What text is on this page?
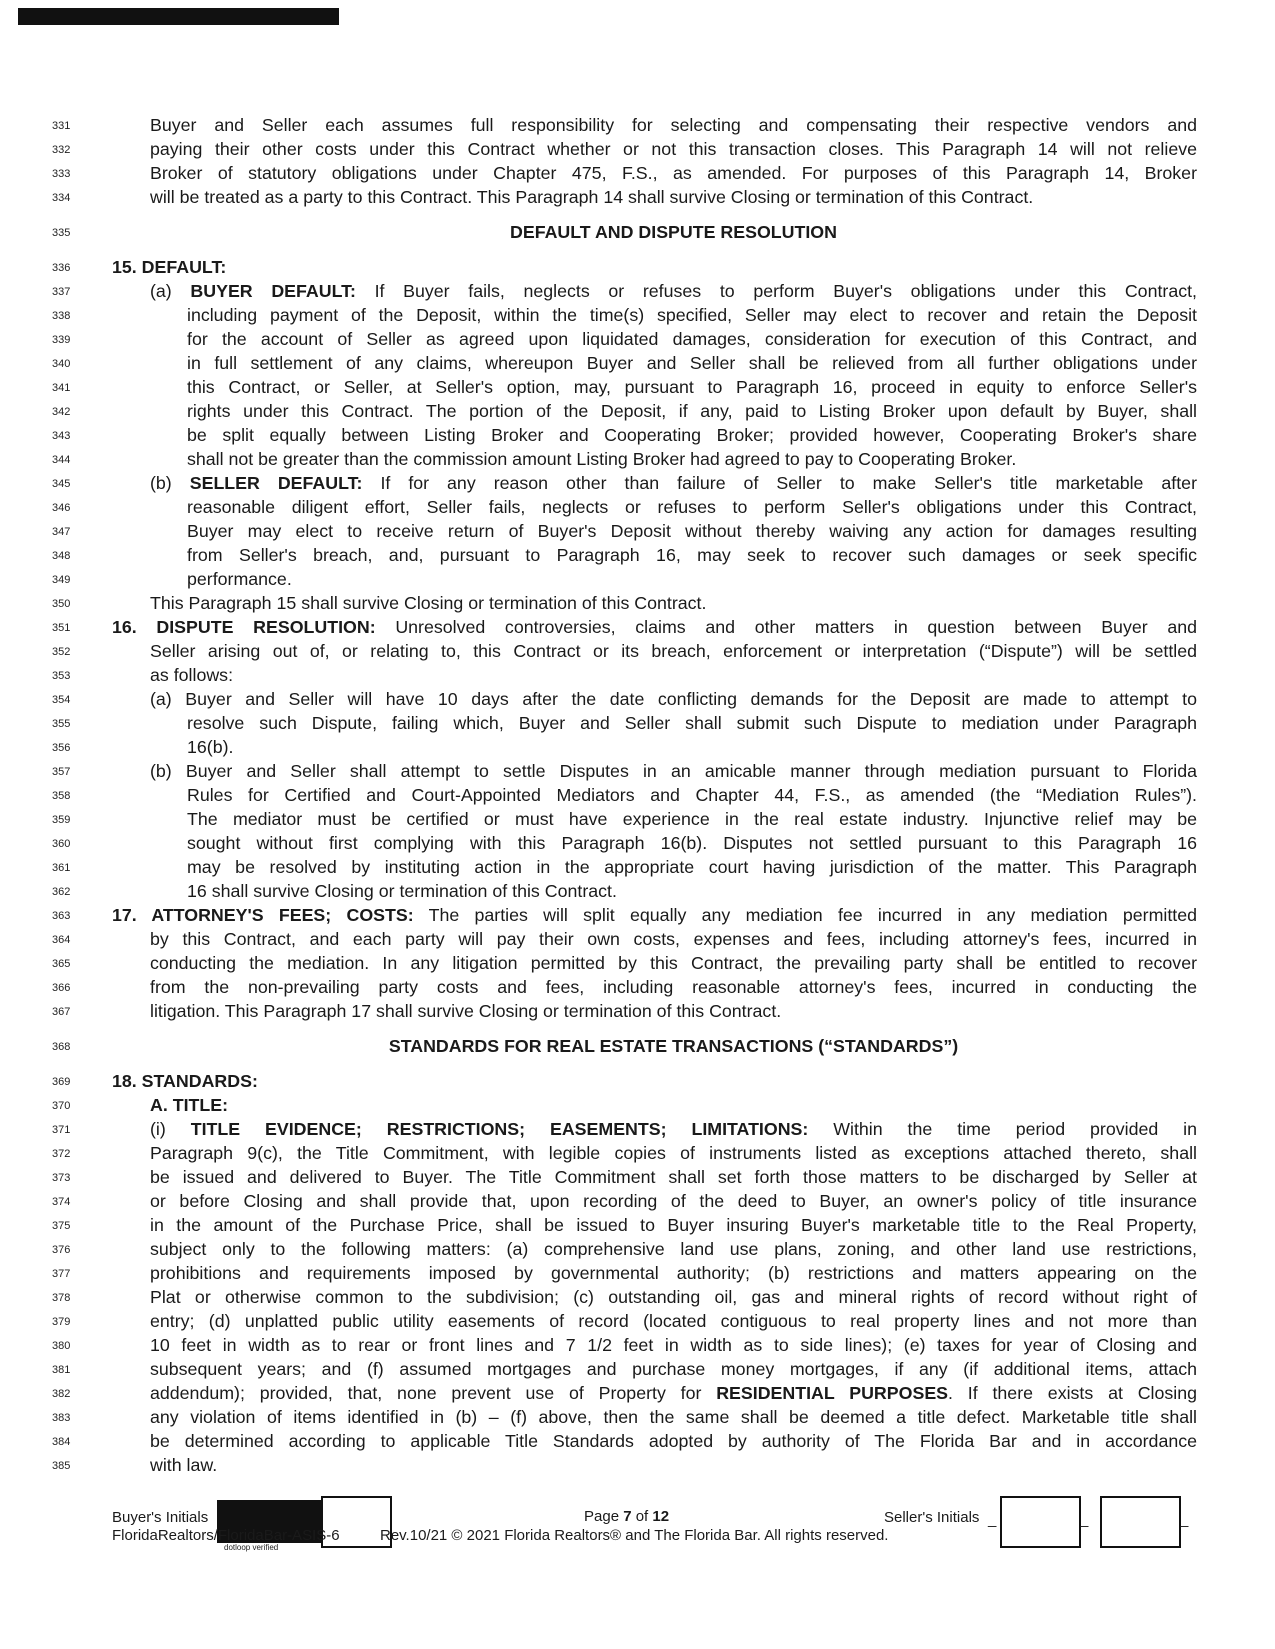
331	Buyer and Seller each assumes full responsibility for selecting and compensating their respective vendors and
332	paying their other costs under this Contract whether or not this transaction closes. This Paragraph 14 will not relieve
333	Broker of statutory obligations under Chapter 475, F.S., as amended. For purposes of this Paragraph 14, Broker
334	will be treated as a party to this Contract. This Paragraph 14 shall survive Closing or termination of this Contract.
335	DEFAULT AND DISPUTE RESOLUTION
336	15. DEFAULT:
337	(a) BUYER DEFAULT: If Buyer fails, neglects or refuses to perform Buyer's obligations under this Contract,
338	including payment of the Deposit, within the time(s) specified, Seller may elect to recover and retain the Deposit
339	for the account of Seller as agreed upon liquidated damages, consideration for execution of this Contract, and
340	in full settlement of any claims, whereupon Buyer and Seller shall be relieved from all further obligations under
341	this Contract, or Seller, at Seller's option, may, pursuant to Paragraph 16, proceed in equity to enforce Seller's
342	rights under this Contract. The portion of the Deposit, if any, paid to Listing Broker upon default by Buyer, shall
343	be split equally between Listing Broker and Cooperating Broker; provided however, Cooperating Broker's share
344	shall not be greater than the commission amount Listing Broker had agreed to pay to Cooperating Broker.
345	(b) SELLER DEFAULT: If for any reason other than failure of Seller to make Seller's title marketable after
346	reasonable diligent effort, Seller fails, neglects or refuses to perform Seller's obligations under this Contract,
347	Buyer may elect to receive return of Buyer's Deposit without thereby waiving any action for damages resulting
348	from Seller's breach, and, pursuant to Paragraph 16, may seek to recover such damages or seek specific
349	performance.
350	This Paragraph 15 shall survive Closing or termination of this Contract.
351	16. DISPUTE RESOLUTION: Unresolved controversies, claims and other matters in question between Buyer and
352	Seller arising out of, or relating to, this Contract or its breach, enforcement or interpretation (“Dispute”) will be settled
353	as follows:
354	(a) Buyer and Seller will have 10 days after the date conflicting demands for the Deposit are made to attempt to
355	resolve such Dispute, failing which, Buyer and Seller shall submit such Dispute to mediation under Paragraph
356	16(b).
357	(b) Buyer and Seller shall attempt to settle Disputes in an amicable manner through mediation pursuant to Florida
358	Rules for Certified and Court-Appointed Mediators and Chapter 44, F.S., as amended (the “Mediation Rules”).
359	The mediator must be certified or must have experience in the real estate industry. Injunctive relief may be
360	sought without first complying with this Paragraph 16(b). Disputes not settled pursuant to this Paragraph 16
361	may be resolved by instituting action in the appropriate court having jurisdiction of the matter. This Paragraph
362	16 shall survive Closing or termination of this Contract.
363	17. ATTORNEY'S FEES; COSTS: The parties will split equally any mediation fee incurred in any mediation permitted
364	by this Contract, and each party will pay their own costs, expenses and fees, including attorney's fees, incurred in
365	conducting the mediation. In any litigation permitted by this Contract, the prevailing party shall be entitled to recover
366	from the non-prevailing party costs and fees, including reasonable attorney's fees, incurred in conducting the
367	litigation. This Paragraph 17 shall survive Closing or termination of this Contract.
368	STANDARDS FOR REAL ESTATE TRANSACTIONS (“STANDARDS”)
369	18. STANDARDS:
370	A. TITLE:
371	(i) TITLE EVIDENCE; RESTRICTIONS; EASEMENTS; LIMITATIONS: Within the time period provided in
372	Paragraph 9(c), the Title Commitment, with legible copies of instruments listed as exceptions attached thereto, shall
373	be issued and delivered to Buyer. The Title Commitment shall set forth those matters to be discharged by Seller at
374	or before Closing and shall provide that, upon recording of the deed to Buyer, an owner's policy of title insurance
375	in the amount of the Purchase Price, shall be issued to Buyer insuring Buyer's marketable title to the Real Property,
376	subject only to the following matters: (a) comprehensive land use plans, zoning, and other land use restrictions,
377	prohibitions and requirements imposed by governmental authority; (b) restrictions and matters appearing on the
378	Plat or otherwise common to the subdivision; (c) outstanding oil, gas and mineral rights of record without right of
379	entry; (d) unplatted public utility easements of record (located contiguous to real property lines and not more than
380	10 feet in width as to rear or front lines and 7 1/2 feet in width as to side lines); (e) taxes for year of Closing and
381	subsequent years; and (f) assumed mortgages and purchase money mortgages, if any (if additional items, attach
382	addendum); provided, that, none prevent use of Property for RESIDENTIAL PURPOSES. If there exists at Closing
383	any violation of items identified in (b) – (f) above, then the same shall be deemed a title defect. Marketable title shall
384	be determined according to applicable Title Standards adopted by authority of The Florida Bar and in accordance
385	with law.
Buyer's Initials	Page 7 of 12	Seller's Initials _	_	_
FloridaRealtors/FloridaBar-ASIS-6	Rev.10/21 © 2021 Florida Realtors® and The Florida Bar. All rights reserved.
dotloop verified
